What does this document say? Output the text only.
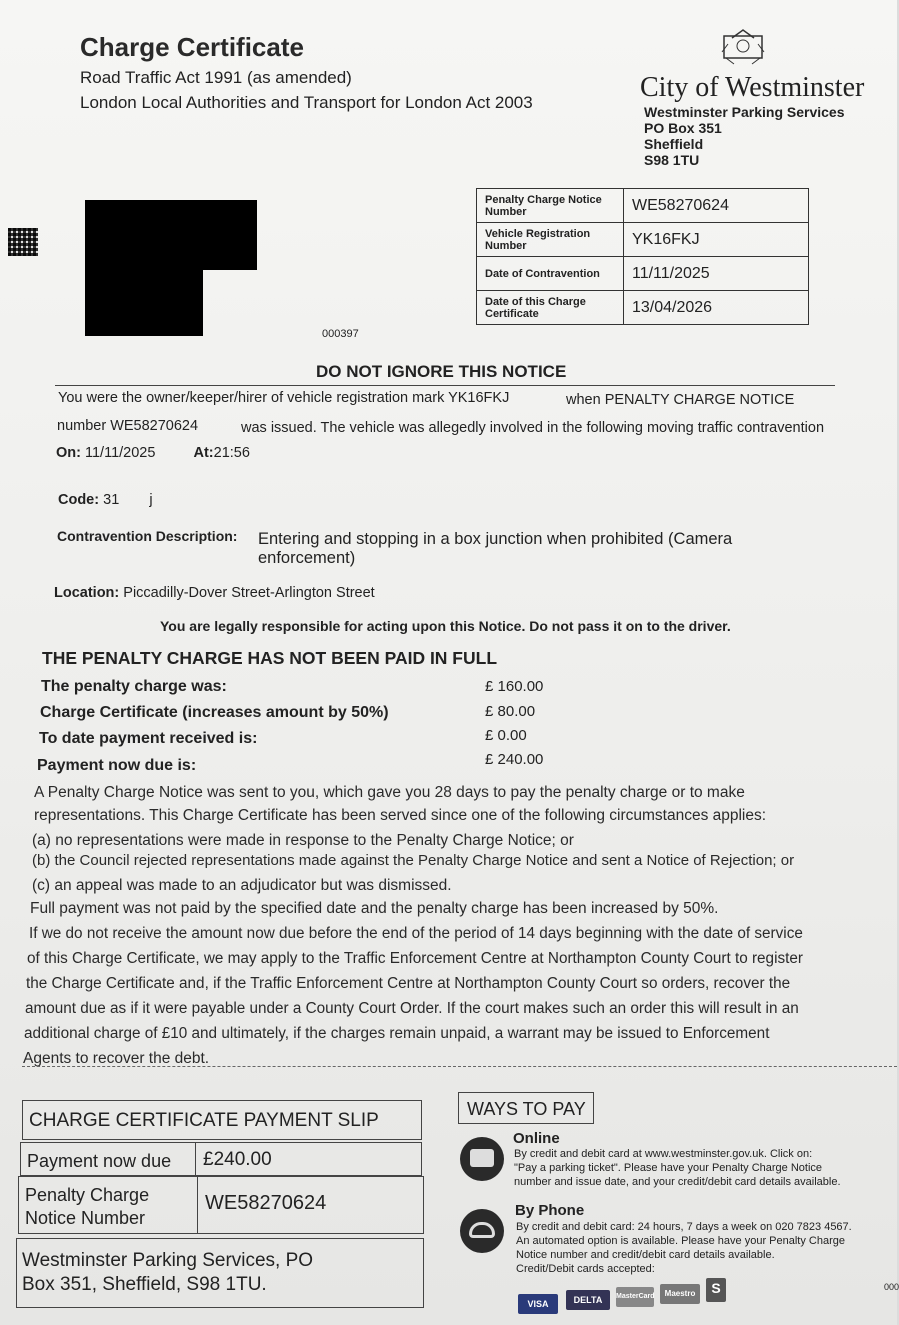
Charge Certificate
Road Traffic Act 1991 (as amended)
London Local Authorities and Transport for London Act 2003	City of Westminster
Westminster Parking Services
PO Box 351
Sheffield
S98 1TU
000397
Penalty Charge Notice Number	WE58270624
Vehicle Registration Number	YK16FKJ
Date of Contravention	11/11/2025
Date of this Charge Certificate	13/04/2026
DO NOT IGNORE THIS NOTICE
You were the owner/keeper/hirer of vehicle registration mark YK16FKJ	when PENALTY CHARGE NOTICE
number WE58270624	was issued. The vehicle was allegedly involved in the following moving traffic contravention
On: 11/11/2025	At:21:56
Code: 31 j
Contravention Description: Entering and stopping in a box junction when prohibited (Camera
enforcement)
Location: Piccadilly-Dover Street-Arlington Street
You are legally responsible for acting upon this Notice. Do not pass it on to the driver.
THE PENALTY CHARGE HAS NOT BEEN PAID IN FULL
The penalty charge was:	£ 160.00
Charge Certificate (increases amount by 50%)	£ 80.00
To date payment received is:	£ 0.00
Payment now due is:	£ 240.00
A Penalty Charge Notice was sent to you, which gave you 28 days to pay the penalty charge or to make
representations. This Charge Certificate has been served since one of the following circumstances applies:
(a) no representations were made in response to the Penalty Charge Notice; or
(b) the Council rejected representations made against the Penalty Charge Notice and sent a Notice of Rejection; or
(c) an appeal was made to an adjudicator but was dismissed.
Full payment was not paid by the specified date and the penalty charge has been increased by 50%.
If we do not receive the amount now due before the end of the period of 14 days beginning with the date of service
of this Charge Certificate, we may apply to the Traffic Enforcement Centre at Northampton County Court to register
the Charge Certificate and, if the Traffic Enforcement Centre at Northampton County Court so orders, recover the
amount due as if it were payable under a County Court Order. If the court makes such an order this will result in an
additional charge of £10 and ultimately, if the charges remain unpaid, a warrant may be issued to Enforcement
Agents to recover the debt.
CHARGE CERTIFICATE PAYMENT SLIP
Payment now due £240.00
Penalty Charge
Notice Number
WE58270624
Westminster Parking Services, PO
Box 351, Sheffield, S98 1TU.
WAYS TO PAY
Online
By credit and debit card at www.westminster.gov.uk. Click on:
"Pay a parking ticket". Please have your Penalty Charge Notice
number and issue date, and your credit/debit card details available.
By Phone
By credit and debit card: 24 hours, 7 days a week on 020 7823 4567.
An automated option is available. Please have your Penalty Charge
Notice number and credit/debit card details available.
Credit/Debit cards accepted:
VISA	DELTA	MasterCard	Maestro	S	000
